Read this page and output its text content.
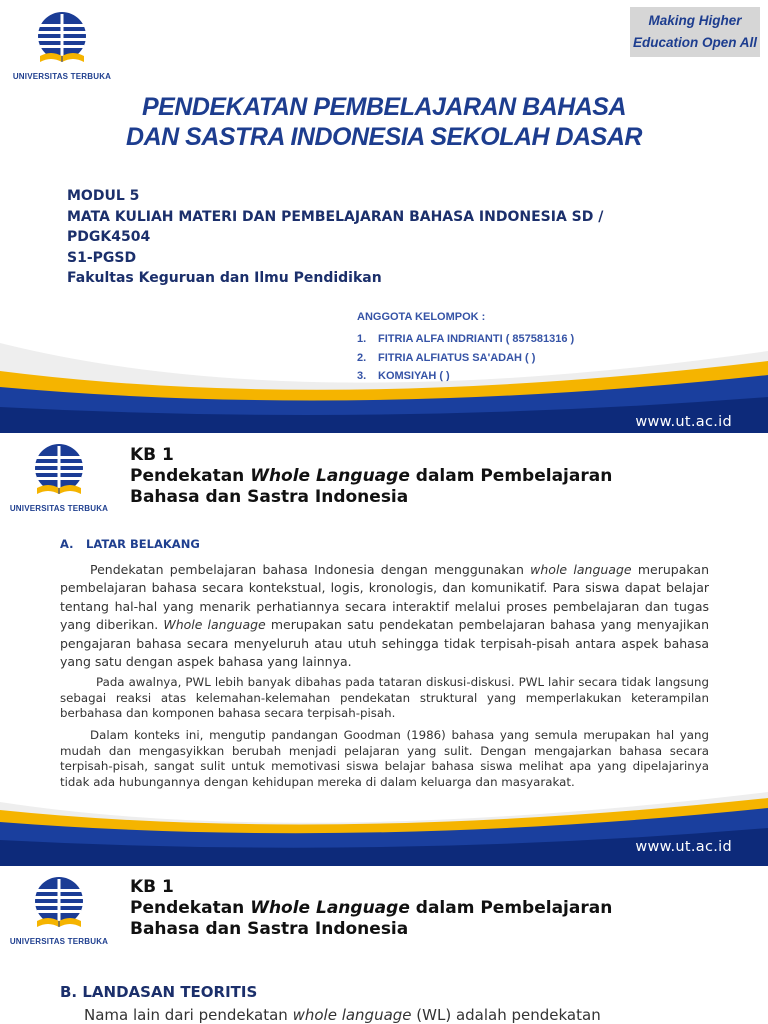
UNIVERSITAS TERBUKA
Making Higher
Education Open All
PENDEKATAN PEMBELAJARAN BAHASA
DAN SASTRA INDONESIA SEKOLAH DASAR
MODUL 5
MATA KULIAH MATERI DAN PEMBELAJARAN BAHASA INDONESIA SD /
PDGK4504
S1-PGSD
Fakultas Keguruan dan Ilmu Pendidikan
ANGGOTA KELOMPOK :
1. FITRIA ALFA INDRIANTI ( 857581316 )
2. FITRIA ALFIATUS SA'ADAH ( )
3. KOMSIYAH ( )
www.ut.ac.id
UNIVERSITAS TERBUKA
KB 1
Pendekatan Whole Language dalam Pembelajaran
Bahasa dan Sastra Indonesia
A. LATAR BELAKANG
Pendekatan pembelajaran bahasa Indonesia dengan menggunakan whole language merupakan pembelajaran bahasa secara kontekstual, logis, kronologis, dan komunikatif. Para siswa dapat belajar tentang hal-hal yang menarik perhatiannya secara interaktif melalui proses pembelajaran dan tugas yang diberikan. Whole language merupakan satu pendekatan pembelajaran bahasa yang menyajikan pengajaran bahasa secara menyeluruh atau utuh sehingga tidak terpisah-pisah antara aspek bahasa yang satu dengan aspek bahasa yang lainnya.
Pada awalnya, PWL lebih banyak dibahas pada tataran diskusi-diskusi. PWL lahir secara tidak langsung sebagai reaksi atas kelemahan-kelemahan pendekatan struktural yang memperlakukan keterampilan berbahasa dan komponen bahasa secara terpisah-pisah.
Dalam konteks ini, mengutip pandangan Goodman (1986) bahasa yang semula merupakan hal yang mudah dan mengasyikkan berubah menjadi pelajaran yang sulit. Dengan mengajarkan bahasa secara terpisah-pisah, sangat sulit untuk memotivasi siswa belajar bahasa siswa melihat apa yang dipelajarinya tidak ada hubungannya dengan kehidupan mereka di dalam keluarga dan masyarakat.
www.ut.ac.id
UNIVERSITAS TERBUKA
KB 1
Pendekatan Whole Language dalam Pembelajaran
Bahasa dan Sastra Indonesia
B. LANDASAN TEORITIS
Nama lain dari pendekatan whole language (WL) adalah pendekatan
